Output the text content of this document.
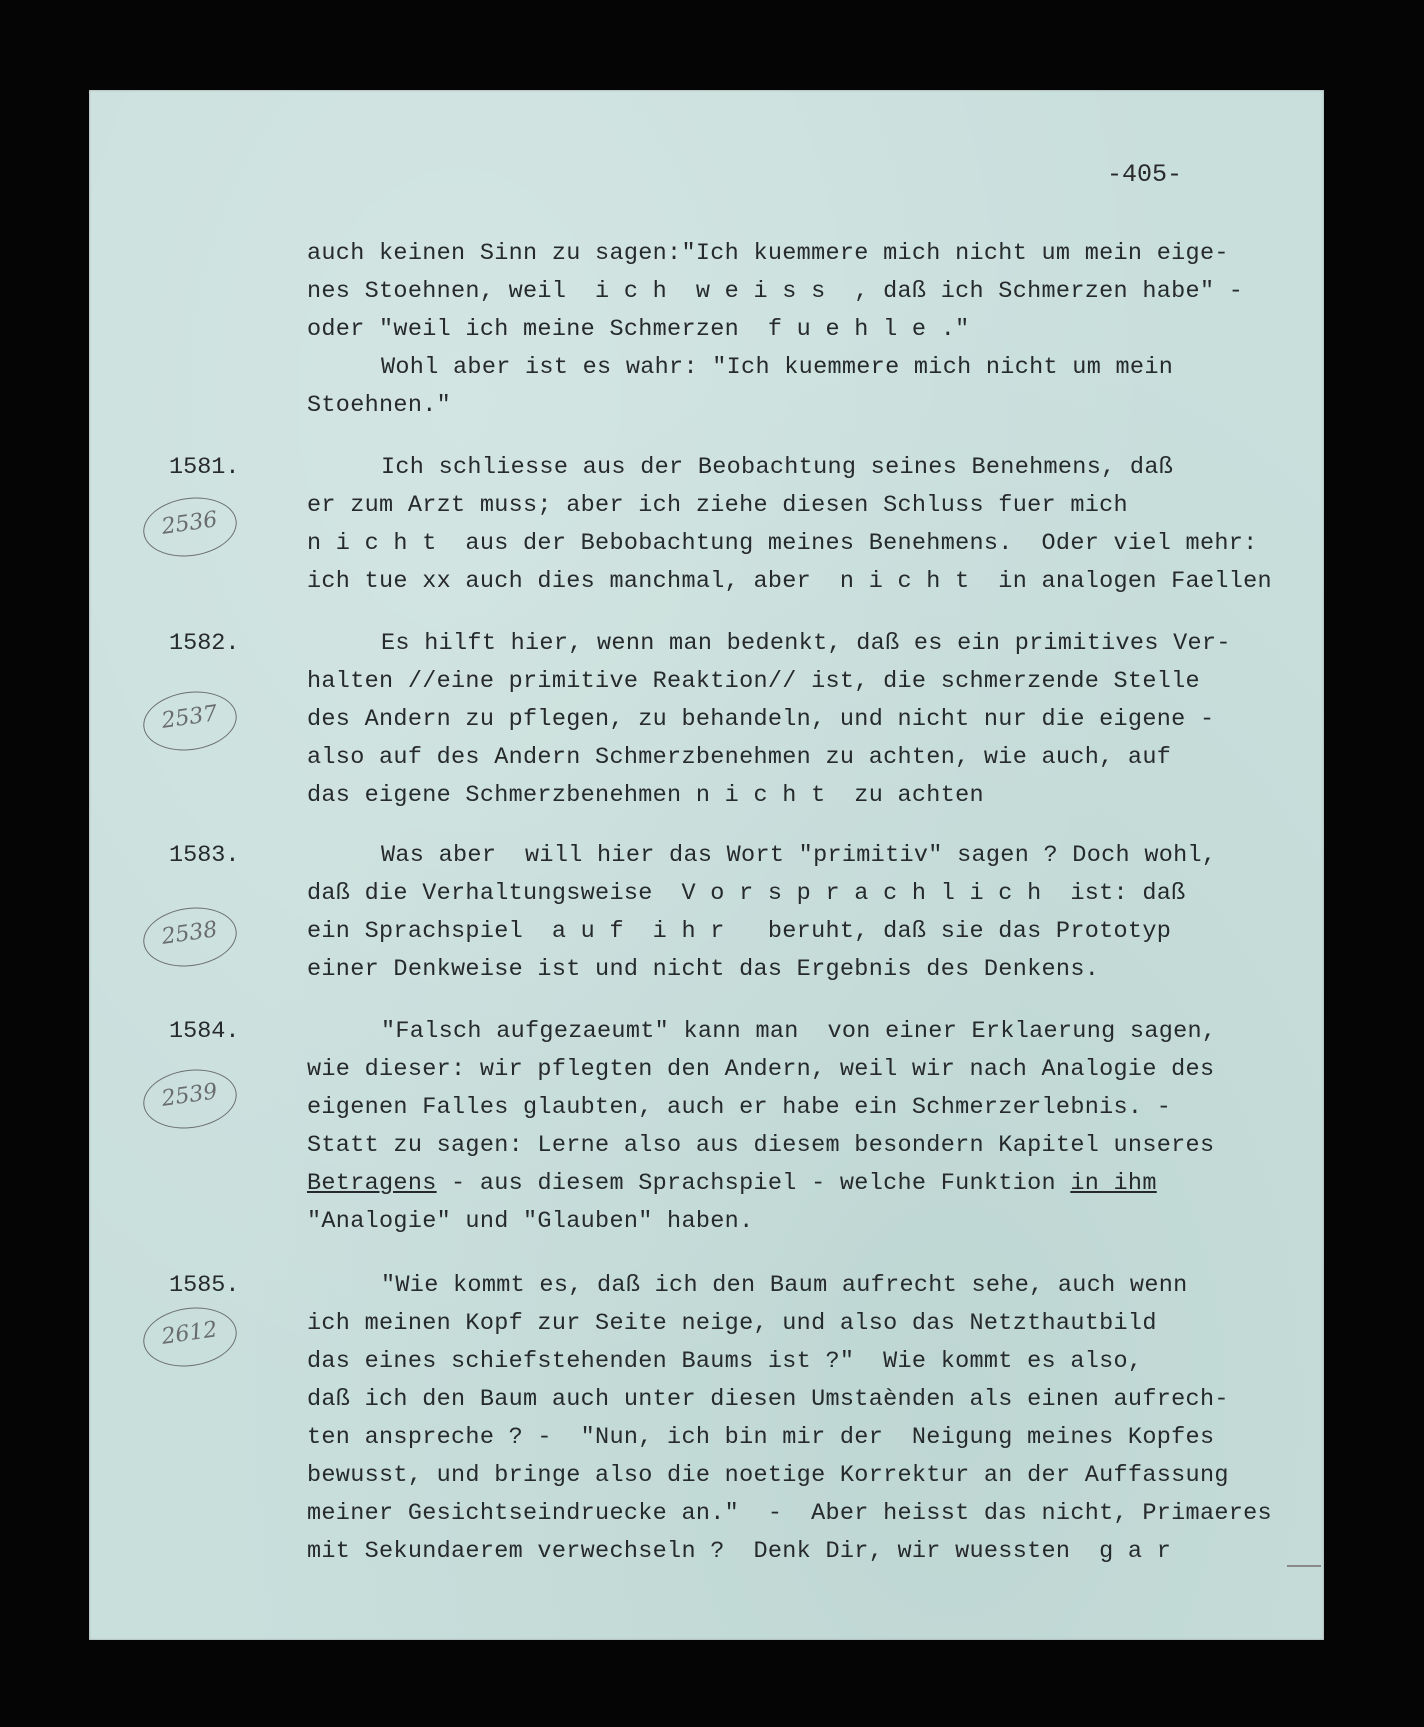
-405-
auch keinen Sinn zu sagen:"Ich kuemmere mich nicht um mein eige-
nes Stoehnen, weil  i c h  w e i s s  , daß ich Schmerzen habe" -
oder "weil ich meine Schmerzen  f u e h l e ."
Wohl aber ist es wahr: "Ich kuemmere mich nicht um mein
Stoehnen."
1581.
2536
Ich schliesse aus der Beobachtung seines Benehmens, daß
er zum Arzt muss; aber ich ziehe diesen Schluss fuer mich
n i c h t  aus der Bebobachtung meines Benehmens.  Oder viel mehr:
ich tue xx auch dies manchmal, aber  n i c h t  in analogen Faellen
1582.
2537
Es hilft hier, wenn man bedenkt, daß es ein primitives Ver-
halten //eine primitive Reaktion// ist, die schmerzende Stelle
des Andern zu pflegen, zu behandeln, und nicht nur die eigene -
also auf des Andern Schmerzbenehmen zu achten, wie auch, auf
das eigene Schmerzbenehmen n i c h t  zu achten
1583.
2538
Was aber  will hier das Wort "primitiv" sagen ? Doch wohl,
daß die Verhaltungsweise  V o r s p r a c h l i c h  ist: daß
ein Sprachspiel  a u f  i h r   beruht, daß sie das Prototyp
einer Denkweise ist und nicht das Ergebnis des Denkens.
1584.
2539
"Falsch aufgezaeumt" kann man  von einer Erklaerung sagen,
wie dieser: wir pflegten den Andern, weil wir nach Analogie des
eigenen Falles glaubten, auch er habe ein Schmerzerlebnis. -
Statt zu sagen: Lerne also aus diesem besondern Kapitel unseres
Betragens - aus diesem Sprachspiel - welche Funktion in ihm
"Analogie" und "Glauben" haben.
1585.
2612
"Wie kommt es, daß ich den Baum aufrecht sehe, auch wenn
ich meinen Kopf zur Seite neige, und also das Netzthautbild
das eines schiefstehenden Baums ist ?"  Wie kommt es also,
daß ich den Baum auch unter diesen Umstaènden als einen aufrech-
ten anspreche ? -  "Nun, ich bin mir der  Neigung meines Kopfes
bewusst, und bringe also die noetige Korrektur an der Auffassung
meiner Gesichtseindruecke an."  -  Aber heisst das nicht, Primaeres
mit Sekundaerem verwechseln ?  Denk Dir, wir wuessten  g a r
